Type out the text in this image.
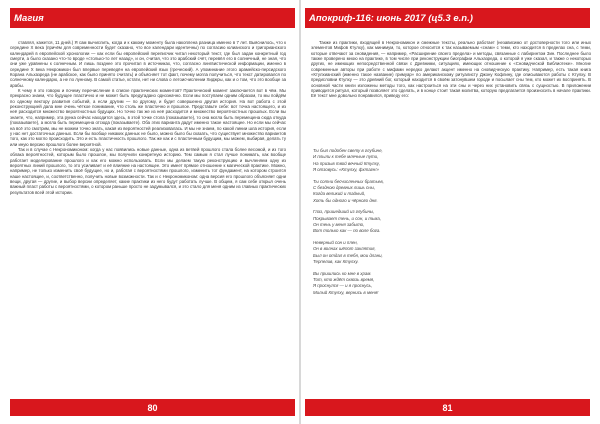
Магия

ставлял, кажется, 11 дней.) Я сам вычислить, когда и к какому моменту была накоплена разница именно в 7 лет. Выяснилось, что к середине X века (причём для современности будет сказано, что все календари идентичны) по согласию юлианского и григорианского календарей в европейской хронологии — как если бы европейский переписчик читал некоторый текст, где был задан конкретный год смерти, а было сказано что-то вроде «столько-то лет назад», и он, считая, что это арабский счёт, перевёл его в солнечный, не зная, что они уже уравнены к солнечным. И лишь позднее это прочитал в источниках, что, согласно лингвистической информации, именно в середине X века Некромикон был впервые переведён на европейский язык (греческий). А упоминание этого арамейско-персидского Корана Альхазреда (не арабское, как было принято считать) и объясняет тот факт, почему могла получиться, что текст датировался по солнечному календарю, а не по лунному. В самой статье, кстати, нет ни слова о летоисчислении Хиджры, как и о том, что это вообще за арабы.

К чему я это говорю и почему перечисление в списке практических моментов? Практический момент заключается вот в чём. Мы прекрасно знаем, что будущее пластично и не может быть предугадано однозначно. Если мы поступаем одним образом, то мы пойдём по одному вектору развития событий, а если другим — по другому, и будет совершенно другая история. На вот работа с этой реконструкцией дала мне очень чёткое понимание, что столь же пластично и прошлое. Представьте себе: вот точка настоящего, и из неё расходится множество вероятностных будущих. Но точно так же из неё расходится и множество вероятностных прошлых. Если вы знаете, что, например, эта рунка сейчас находится здесь, в этой точке стола (показываете), то она могла быть перемещена сюда откуда (показываете), а могла быть перемещена отсюда (показываете). Оба этих варианта дадут именно такое настоящее. Но если мы сейчас на всё это смотрим, мы не можем точно знать, какая из вероятностей реализовалась. И мы не знаем, по какой линии шла история, если у нас нет достаточных данных. Если бы вообще никаких данных не было, можно было бы сказать, что существует множество вариантов того, как это могло происходить. Это и есть пластичность прошлого. Так же как и с пластичным будущим, мы можем, выбирая, делать ту или иную версию прошлого более вероятной.

Так и в случае с Некрономиконом: когда у нас появились новые данные, одна из ветвей прошлого стала более весомой, и из того облака вероятностей, которым было прошлое, мы получили конкретную историю. Тем самым я стал лучше понимать, как вообще работает моделирование прошлого и как его можно использовать. Если мы делаем такую реконструкцию и вычленяем одну из вероятных линий прошлого, то это усиливает и её влияние на настоящее. Это имеет прямое отношение к магической практике. Можно, например, не только изменить своё будущее, но и, работая с вероятностями прошлого, изменить тот фундамент, на котором строится наше настоящее, и, соответственно, получить новые возможности. Так и с Некрономиконом: одна версия его прошлого объясняет одни вещи, другая — другие, и выбор версии определяет, какие практики из него будут работать лучше. В общем, я сам себе открыл очень важный пласт работы с вероятностями, о котором раньше просто не задумывался, и это стало для меня одним из главных практических результатов всей этой истории.

80
Апокриф-116: июнь 2017 (ц5.3 e.n.)

Также из практики, входящей в Некрономикон и смежные тексты, реально работает (независимо от достоверности того или иных элементов Мифов Ктулху), как минимум, то, которое относится к так называемым «снам» с теми, кто находится в пределах сна, с теми, которые отвечают за сновидения, — например, «Расширение своего предела» и методы, связанные с лабиринтом Зин. Последнее было также проверено мною на практике, в том числе при реконструкции биографии Альхазреда, о которой я уже сказал, и также о некоторых других, не имеющих непосредственной связи с Древними, ситуациях, имеющих отношение к «Сновидческой Библиотеке». Многие современные авторы при работе с мифами нередко делают акцент именно на сновидческую практику. Например, есть такая книга «Ктулхианский (именно такое название) гримуар» по американскому ритуалисту Джону Кофлину, где описываются работы с Ктулху. В предисловии Ктулху — это древний бог, который находится в своём затонувшем городе и посылает сны тем, кто может их воспринять. В основной части книги изложены методы того, как настроиться на эти сны и через них установить связь с сущностью. В приложении приводится ритуал, который позволяет это сделать, и в конце стоит такая молитва, которую предлагается произносить в начале практики. Её текст мне довольно понравился, приведу его:

Ты был подобен свету в глубине,
И плыли к тебе млечные пути,
На призыв твой вечный Ктулху,
Я отзовусь: «Ктулху, фхтагн!»
Ты сотни бесчисленных братьев,
С бездною древних лишь сны,
Когда великий и тайный,
Хоть бы одного и чёрного дня.
Глаз, пришедший из глубины,
Покрывает тень, и сон, и тьма,
Он тень у меня забыто,
Вот только как — по воле бога.
Неверный сон и плен,
Он в волнах шёпот заклятия,
Был он отдал в тебя, мои длани,
Терпелив, как Ктулху.
Вы пришлись ко мне в храм.
Тот, кто ждёт сквозь время,
Я проснулся — и я проснусь,
Милый Ктулху, вернись в меня!
81
